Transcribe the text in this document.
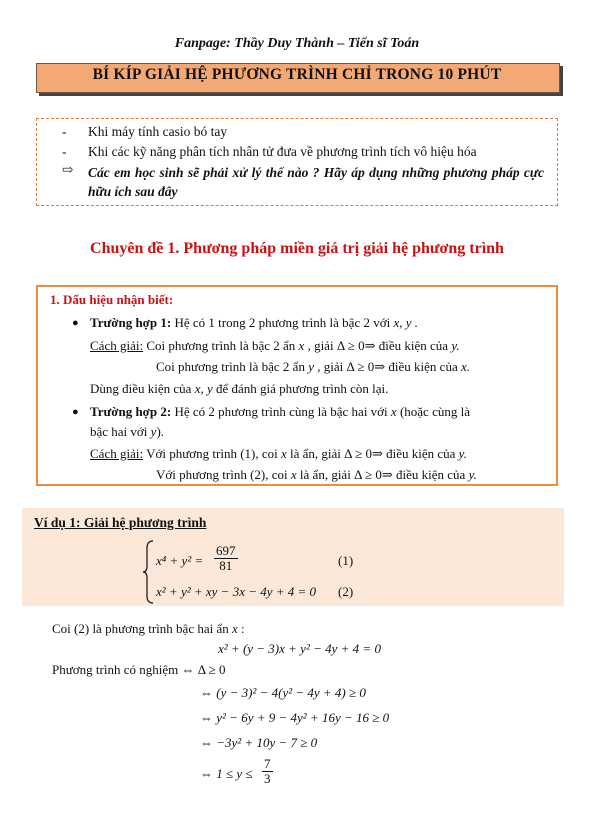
Fanpage: Thầy Duy Thành – Tiến sĩ Toán
BÍ KÍP GIẢI HỆ PHƯƠNG TRÌNH CHỈ TRONG 10 PHÚT
- Khi máy tính casio bó tay
- Khi các kỹ năng phân tích nhân tử đưa về phương trình tích vô hiệu hóa
⇨ Các em học sinh sẽ phải xử lý thế nào ? Hãy áp dụng những phương pháp cực hữu ích sau đây
Chuyên đề 1. Phương pháp miền giá trị giải hệ phương trình
1. Dấu hiệu nhận biết:
● Trường hợp 1: Hệ có 1 trong 2 phương trình là bậc 2 với x, y .
Cách giải: Coi phương trình là bậc 2 ẩn x , giải Δ ≥ 0⇒ điều kiện của y.
Coi phương trình là bậc 2 ẩn y , giải Δ ≥ 0⇒ điều kiện của x.
Dùng điều kiện của x, y để đánh giá phương trình còn lại.
● Trường hợp 2: Hệ có 2 phương trình cùng là bậc hai với x (hoặc cùng là
bậc hai với y).
Cách giải: Với phương trình (1), coi x là ẩn, giải Δ ≥ 0⇒ điều kiện của y.
Với phương trình (2), coi x là ẩn, giải Δ ≥ 0⇒ điều kiện của y.
Ví dụ 1: Giải hệ phương trình
$x^4 + y^2 = \frac{697}{81}$	(1)
x² + y² + xy − 3x − 4y + 4 = 0 (2)
Coi (2) là phương trình bậc hai ẩn x :
x² + (y − 3)x + y² − 4y + 4 = 0
Phương trình có nghiệm ⇔ Δ ≥ 0
⇔ (y − 3)² − 4(y² − 4y + 4) ≥ 0
⇔ y² − 6y + 9 − 4y² + 16y − 16 ≥ 0
⇔ −3y² + 10y − 7 ≥ 0
⇔ $1 \le y \le \frac{7}{3}$
